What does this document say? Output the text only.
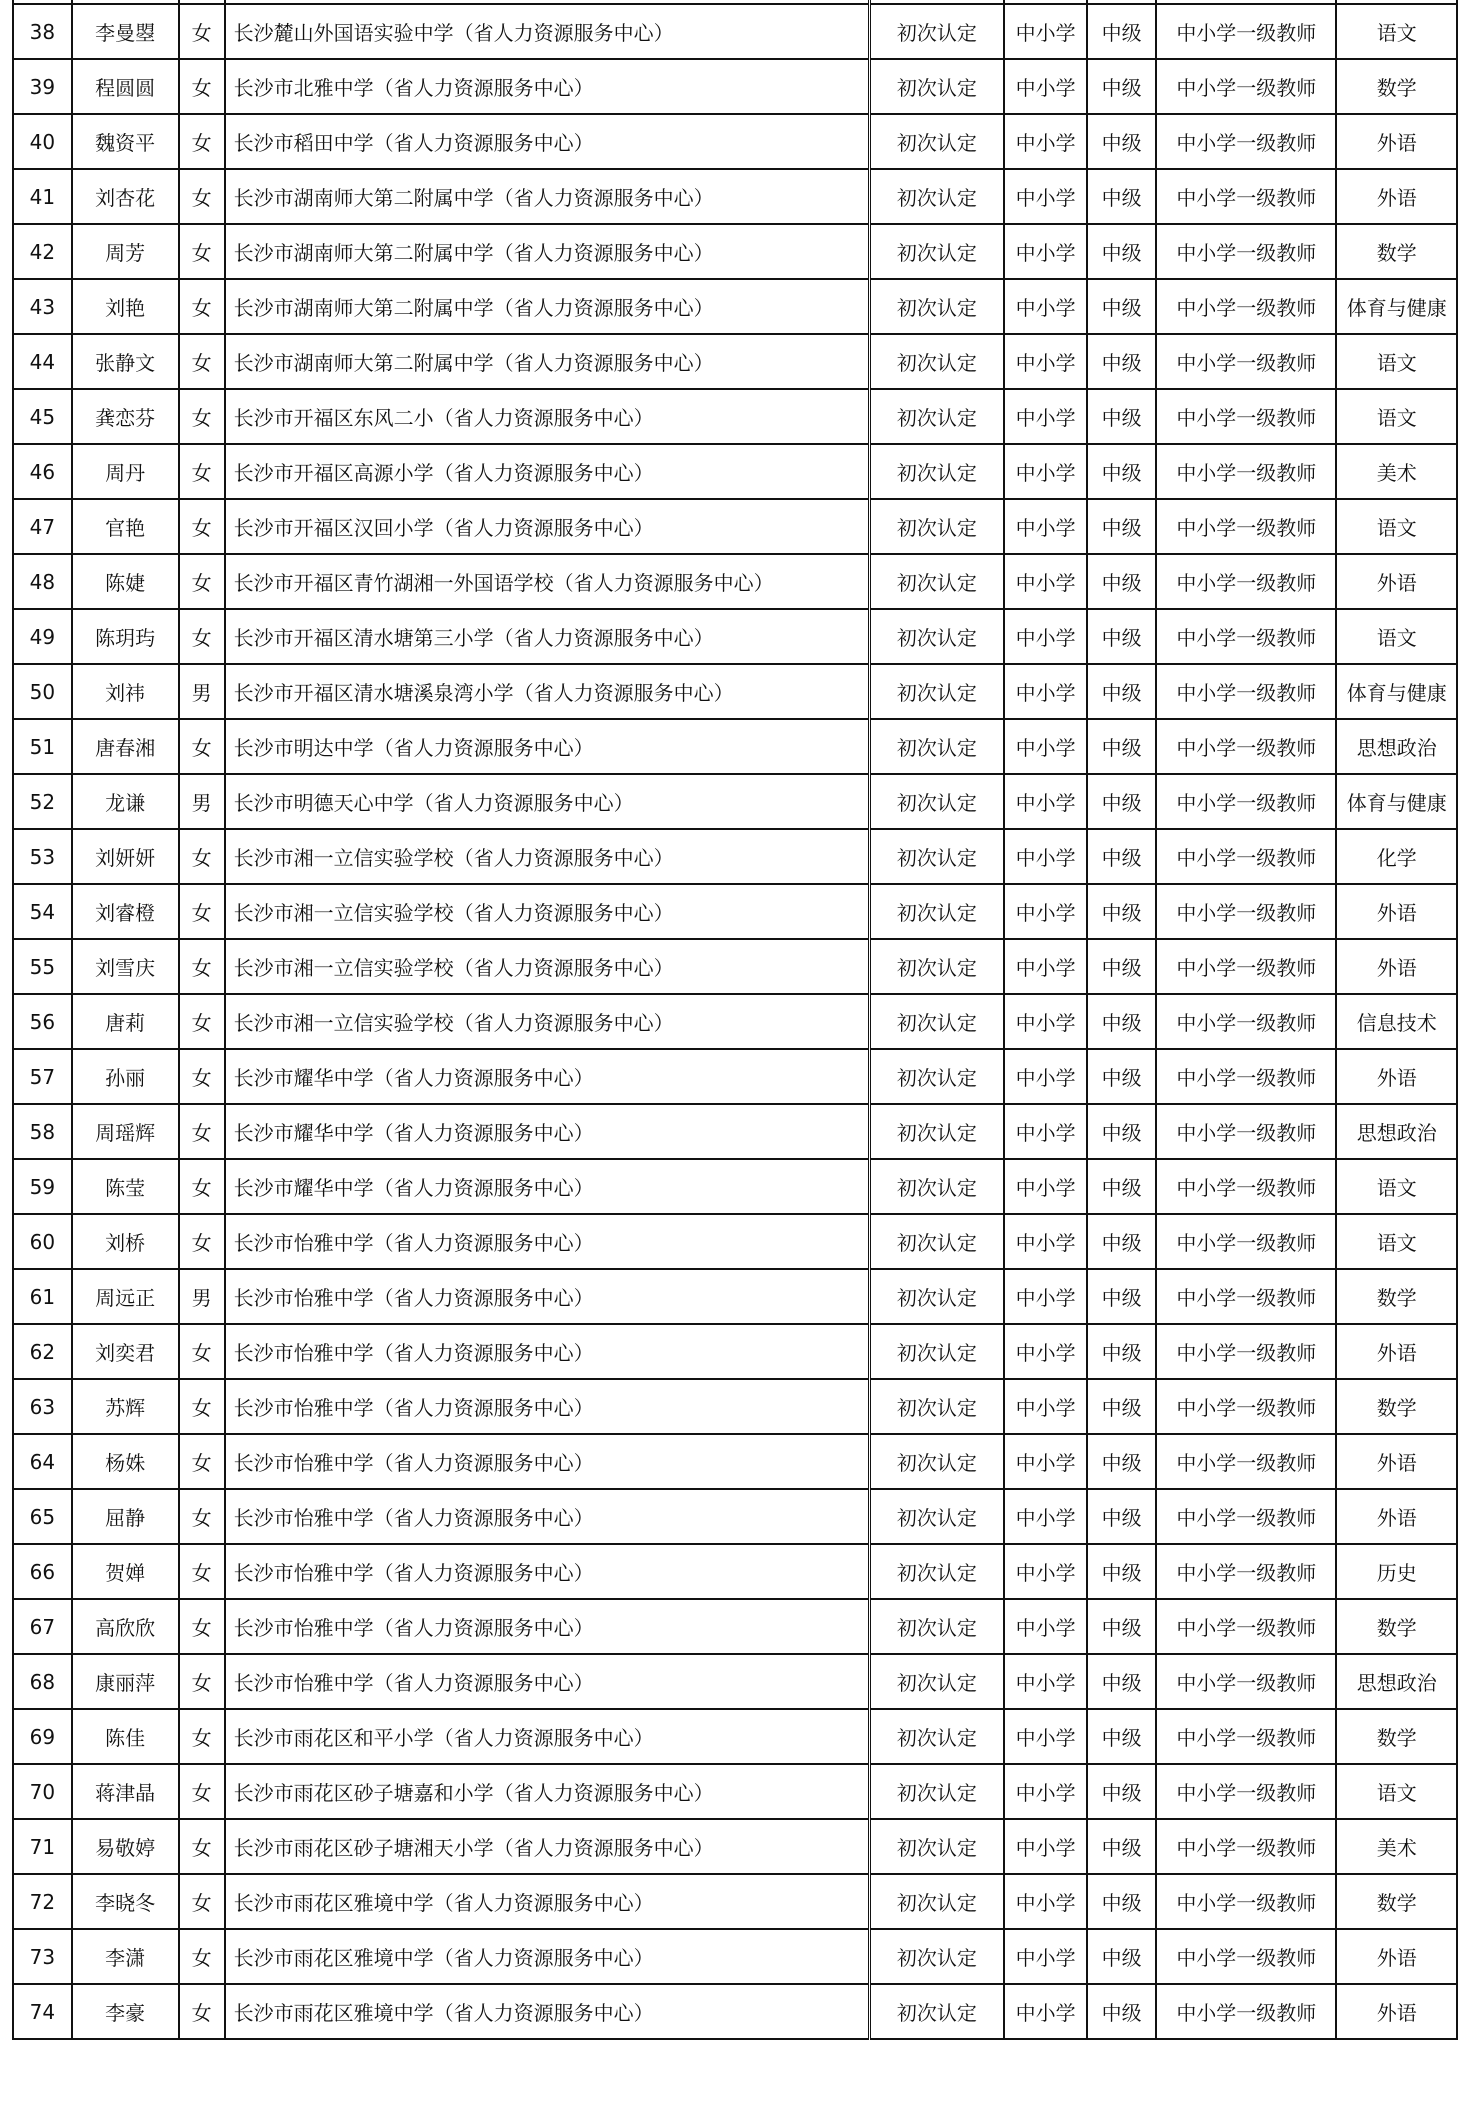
38	李曼曌	女	长沙麓山外国语实验中学（省人力资源服务中心）	初次认定	中小学	中级	中小学一级教师	语文
39	程圆圆	女	长沙市北雅中学（省人力资源服务中心）	初次认定	中小学	中级	中小学一级教师	数学
40	魏资平	女	长沙市稻田中学（省人力资源服务中心）	初次认定	中小学	中级	中小学一级教师	外语
41	刘杏花	女	长沙市湖南师大第二附属中学（省人力资源服务中心）	初次认定	中小学	中级	中小学一级教师	外语
42	周芳	女	长沙市湖南师大第二附属中学（省人力资源服务中心）	初次认定	中小学	中级	中小学一级教师	数学
43	刘艳	女	长沙市湖南师大第二附属中学（省人力资源服务中心）	初次认定	中小学	中级	中小学一级教师	体育与健康
44	张静文	女	长沙市湖南师大第二附属中学（省人力资源服务中心）	初次认定	中小学	中级	中小学一级教师	语文
45	龚恋芬	女	长沙市开福区东风二小（省人力资源服务中心）	初次认定	中小学	中级	中小学一级教师	语文
46	周丹	女	长沙市开福区高源小学（省人力资源服务中心）	初次认定	中小学	中级	中小学一级教师	美术
47	官艳	女	长沙市开福区汉回小学（省人力资源服务中心）	初次认定	中小学	中级	中小学一级教师	语文
48	陈婕	女	长沙市开福区青竹湖湘一外国语学校（省人力资源服务中心）	初次认定	中小学	中级	中小学一级教师	外语
49	陈玥玙	女	长沙市开福区清水塘第三小学（省人力资源服务中心）	初次认定	中小学	中级	中小学一级教师	语文
50	刘祎	男	长沙市开福区清水塘溪泉湾小学（省人力资源服务中心）	初次认定	中小学	中级	中小学一级教师	体育与健康
51	唐春湘	女	长沙市明达中学（省人力资源服务中心）	初次认定	中小学	中级	中小学一级教师	思想政治
52	龙谦	男	长沙市明德天心中学（省人力资源服务中心）	初次认定	中小学	中级	中小学一级教师	体育与健康
53	刘妍妍	女	长沙市湘一立信实验学校（省人力资源服务中心）	初次认定	中小学	中级	中小学一级教师	化学
54	刘睿橙	女	长沙市湘一立信实验学校（省人力资源服务中心）	初次认定	中小学	中级	中小学一级教师	外语
55	刘雪庆	女	长沙市湘一立信实验学校（省人力资源服务中心）	初次认定	中小学	中级	中小学一级教师	外语
56	唐莉	女	长沙市湘一立信实验学校（省人力资源服务中心）	初次认定	中小学	中级	中小学一级教师	信息技术
57	孙丽	女	长沙市耀华中学（省人力资源服务中心）	初次认定	中小学	中级	中小学一级教师	外语
58	周瑶辉	女	长沙市耀华中学（省人力资源服务中心）	初次认定	中小学	中级	中小学一级教师	思想政治
59	陈莹	女	长沙市耀华中学（省人力资源服务中心）	初次认定	中小学	中级	中小学一级教师	语文
60	刘桥	女	长沙市怡雅中学（省人力资源服务中心）	初次认定	中小学	中级	中小学一级教师	语文
61	周远正	男	长沙市怡雅中学（省人力资源服务中心）	初次认定	中小学	中级	中小学一级教师	数学
62	刘奕君	女	长沙市怡雅中学（省人力资源服务中心）	初次认定	中小学	中级	中小学一级教师	外语
63	苏辉	女	长沙市怡雅中学（省人力资源服务中心）	初次认定	中小学	中级	中小学一级教师	数学
64	杨姝	女	长沙市怡雅中学（省人力资源服务中心）	初次认定	中小学	中级	中小学一级教师	外语
65	屈静	女	长沙市怡雅中学（省人力资源服务中心）	初次认定	中小学	中级	中小学一级教师	外语
66	贺婵	女	长沙市怡雅中学（省人力资源服务中心）	初次认定	中小学	中级	中小学一级教师	历史
67	高欣欣	女	长沙市怡雅中学（省人力资源服务中心）	初次认定	中小学	中级	中小学一级教师	数学
68	康丽萍	女	长沙市怡雅中学（省人力资源服务中心）	初次认定	中小学	中级	中小学一级教师	思想政治
69	陈佳	女	长沙市雨花区和平小学（省人力资源服务中心）	初次认定	中小学	中级	中小学一级教师	数学
70	蒋津晶	女	长沙市雨花区砂子塘嘉和小学（省人力资源服务中心）	初次认定	中小学	中级	中小学一级教师	语文
71	易敬婷	女	长沙市雨花区砂子塘湘天小学（省人力资源服务中心）	初次认定	中小学	中级	中小学一级教师	美术
72	李晓冬	女	长沙市雨花区雅境中学（省人力资源服务中心）	初次认定	中小学	中级	中小学一级教师	数学
73	李潇	女	长沙市雨花区雅境中学（省人力资源服务中心）	初次认定	中小学	中级	中小学一级教师	外语
74	李豪	女	长沙市雨花区雅境中学（省人力资源服务中心）	初次认定	中小学	中级	中小学一级教师	外语
